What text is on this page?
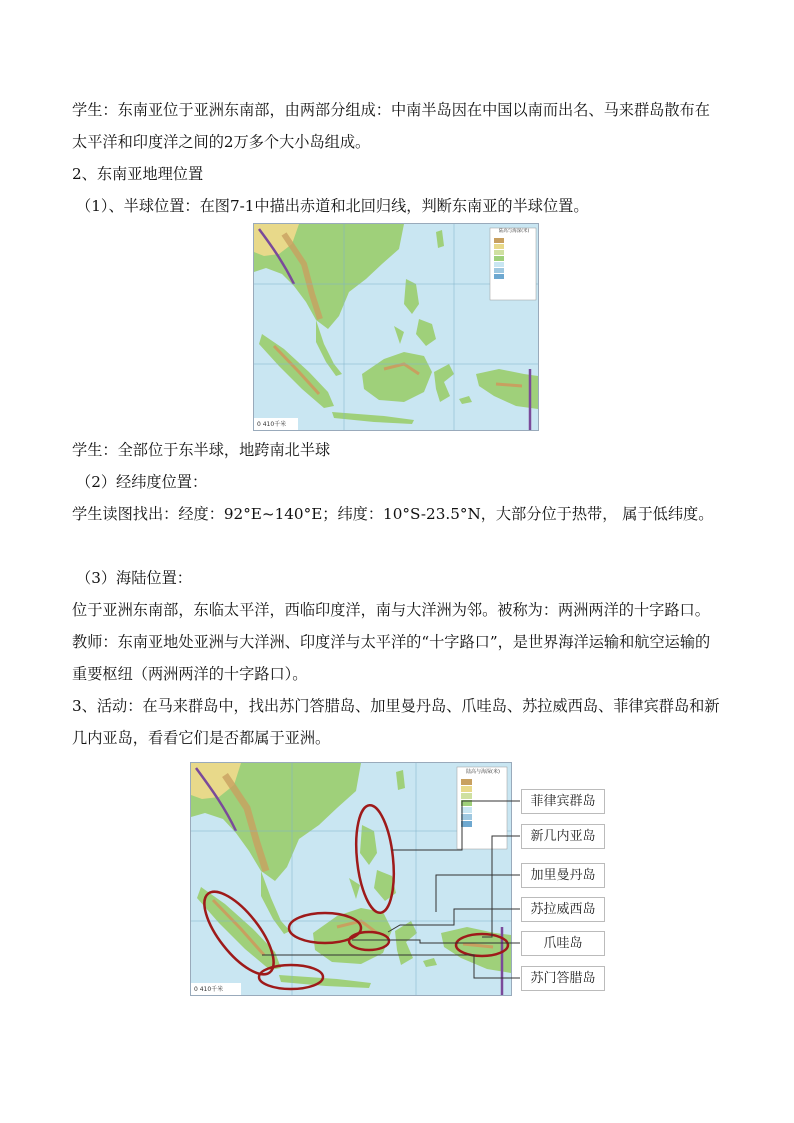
学生：东南亚位于亚洲东南部，由两部分组成：中南半岛因在中国以南而出名、马来群岛散布在太平洋和印度洋之间的2万多个大小岛组成。

2、东南亚地理位置

（1）、半球位置：在图7-1中描出赤道和北回归线，判断东南亚的半球位置。

陆高与海深(米)
0 410千米

学生：全部位于东半球，地跨南北半球

（2）经纬度位置：

学生读图找出：经度：92°E~140°E；纬度：10°S-23.5°N，大部分位于热带， 属于低纬度。

（3）海陆位置：

位于亚洲东南部，东临太平洋，西临印度洋，南与大洋洲为邻。被称为：两洲两洋的十字路口。

教师：东南亚地处亚洲与大洋洲、印度洋与太平洋的“十字路口”，是世界海洋运输和航空运输的重要枢纽（两洲两洋的十字路口）。

3、活动：在马来群岛中，找出苏门答腊岛、加里曼丹岛、爪哇岛、苏拉威西岛、菲律宾群岛和新几内亚岛，看看它们是否都属于亚洲。

陆高与海深(米)
0 410千米
菲律宾群岛
新几内亚岛
加里曼丹岛
苏拉威西岛
爪哇岛
苏门答腊岛
